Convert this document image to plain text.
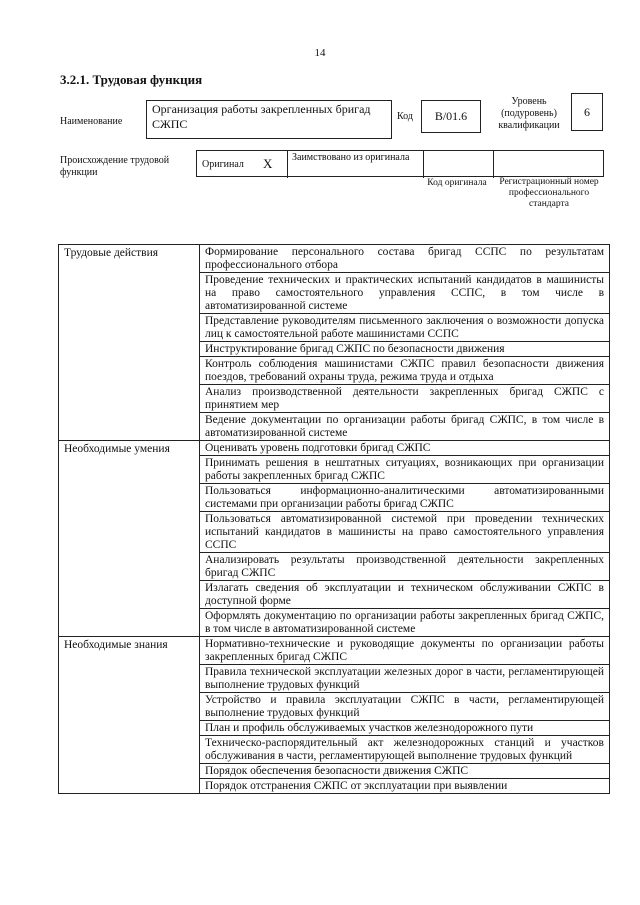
14
3.2.1. Трудовая функция
Наименование
Организация работы закрепленных бригад СЖПС
Код	В/01.6
Уровень (подуровень) квалификации
6
Происхождение трудовой функции
Оригинал X Заимствовано из оригинала
Код оригинала	Регистрационный номер профессионального стандарта
Трудовые действия	Формирование персонального состава бригад ССПС по результатам профессионального отбора
	Проведение технических и практических испытаний кандидатов в машинисты на право самостоятельного управления ССПС, в том числе в автоматизированной системе
	Представление руководителям письменного заключения о возможности допуска лиц к самостоятельной работе машинистами ССПС
	Инструктирование бригад СЖПС по безопасности движения
	Контроль соблюдения машинистами СЖПС правил безопасности движения поездов, требований охраны труда, режима труда и отдыха
	Анализ производственной деятельности закрепленных бригад СЖПС с принятием мер
	Ведение документации по организации работы бригад СЖПС, в том числе в автоматизированной системе
Необходимые умения	Оценивать уровень подготовки бригад СЖПС
	Принимать решения в нештатных ситуациях, возникающих при организации работы закрепленных бригад СЖПС
	Пользоваться информационно-аналитическими автоматизированными системами при организации работы бригад СЖПС
	Пользоваться автоматизированной системой при проведении технических испытаний кандидатов в машинисты на право самостоятельного управления ССПС
	Анализировать результаты производственной деятельности закрепленных бригад СЖПС
	Излагать сведения об эксплуатации и техническом обслуживании СЖПС в доступной форме
	Оформлять документацию по организации работы закрепленных бригад СЖПС, в том числе в автоматизированной системе
Необходимые знания	Нормативно-технические и руководящие документы по организации работы закрепленных бригад СЖПС
	Правила технической эксплуатации железных дорог в части, регламентирующей выполнение трудовых функций
	Устройство и правила эксплуатации СЖПС в части, регламентирующей выполнение трудовых функций
	План и профиль обслуживаемых участков железнодорожного пути
	Техническо-распорядительный акт железнодорожных станций и участков обслуживания в части, регламентирующей выполнение трудовых функций
	Порядок обеспечения безопасности движения СЖПС
	Порядок отстранения СЖПС от эксплуатации при выявлении
